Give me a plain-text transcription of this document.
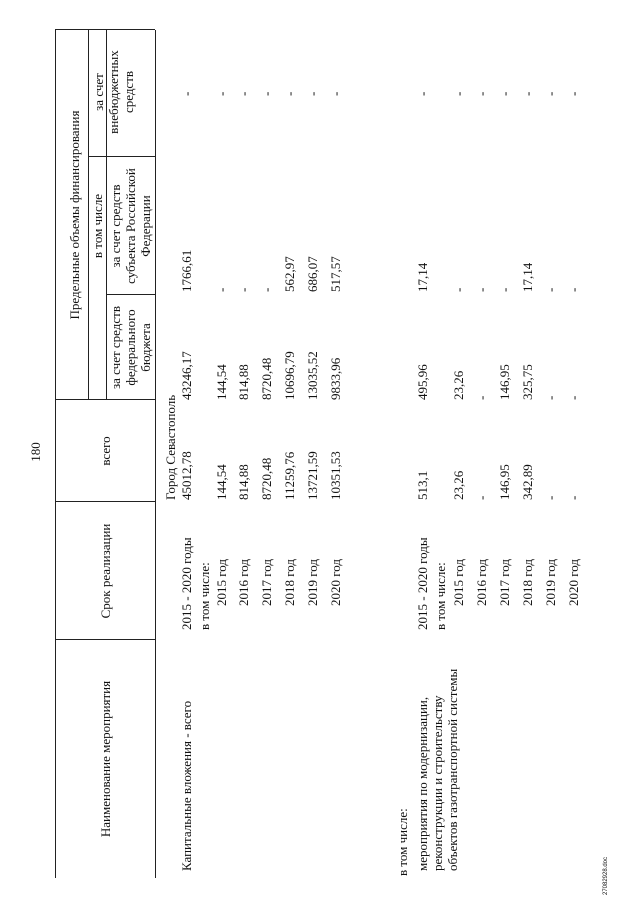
180
27082928.doc
Наименование мероприятия
Срок реализации
всего
Предельные объемы финансирования в том числе
за счет средств федерального бюджета
за счет средств субъекта Российской Федерации
за счет внебюджетных средств
Город Севастополь
Капитальные вложения - всего
2015 - 2020 годы
45012,78
43246,17
1766,61
-
в том числе: 2015 год
144,54
144,54
-
-
2016 год
814,88
814,88
-
-
2017 год
8720,48
8720,48
-
-
2018 год
11259,76
10696,79
562,97
-
2019 год
13721,59
13035,52
686,07
-
2020 год
10351,53
9833,96
517,57
-
в том числе: мероприятия по модернизации, реконструкции и строительству объектов газотранспортной системы
2015 - 2020 годы
513,1
495,96
17,14
-
в том числе: 2015 год
23,26
23,26
-
-
2016 год
-
-
-
-
2017 год
146,95
146,95
-
-
2018 год
342,89
325,75
17,14
-
2019 год
-
-
-
-
2020 год
-
-
-
-
